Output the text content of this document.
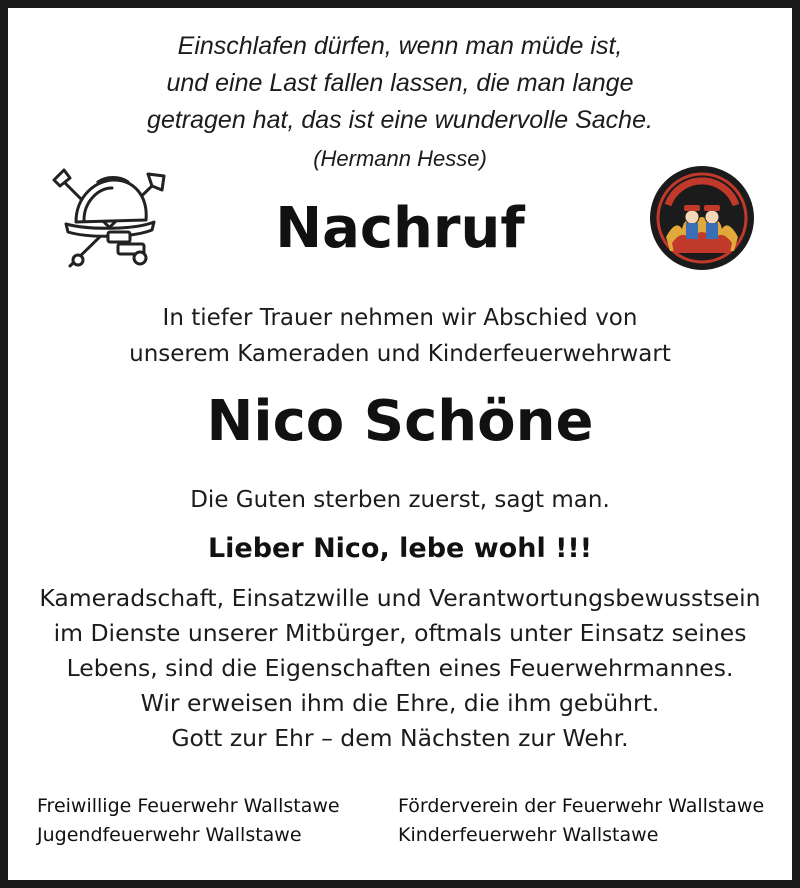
Einschlafen dürfen, wenn man müde ist,
und eine Last fallen lassen, die man lange
getragen hat, das ist eine wundervolle Sache.
(Hermann Hesse)
Nachruf
In tiefer Trauer nehmen wir Abschied von
unserem Kameraden und Kinderfeuerwehrwart
Nico Schöne
Die Guten sterben zuerst, sagt man.
Lieber Nico, lebe wohl !!!
Kameradschaft, Einsatzwille und Verantwortungsbewusstsein
im Dienste unserer Mitbürger, oftmals unter Einsatz seines
Lebens, sind die Eigenschaften eines Feuerwehrmannes.
Wir erweisen ihm die Ehre, die ihm gebührt.
Gott zur Ehr – dem Nächsten zur Wehr.
Freiwillige Feuerwehr Wallstawe
Jugendfeuerwehr Wallstawe
Förderverein der Feuerwehr Wallstawe
Kinderfeuerwehr Wallstawe
